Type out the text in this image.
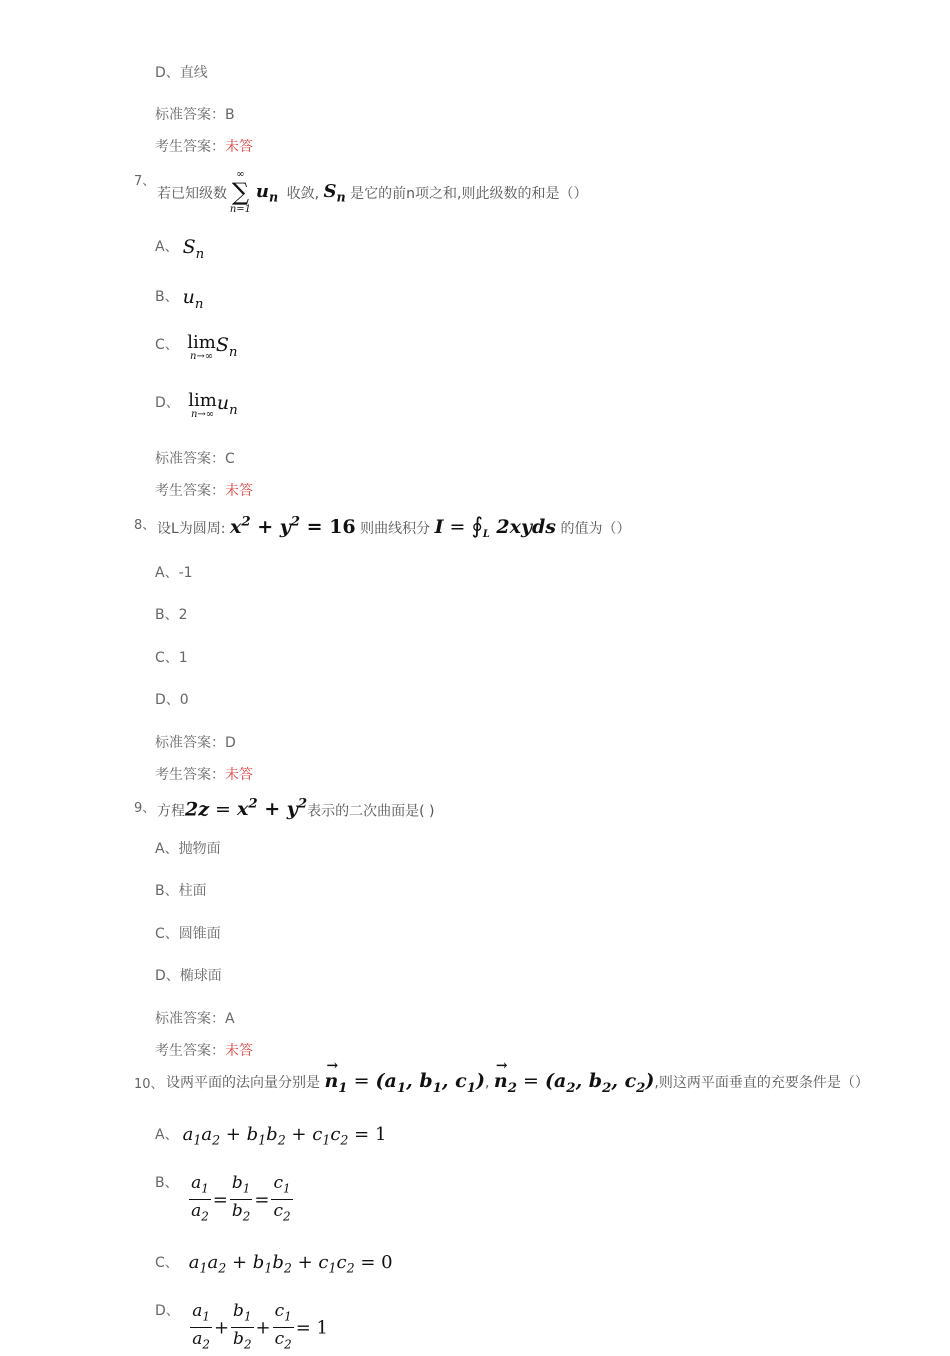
D、直线
标准答案：B
考生答案：未答
7、
若已知级数
∞
∑
n=1
$u_n$ 收敛, $S_n$ 是它的前n项之和,则此级数的和是（）
A、 $S_n$
B、 $u_n$
C、 lim
n→∞
$S_n$
D、 lim
n→∞
$u_n$
标准答案：C
考生答案：未答
8、 设L为圆周: $x^2 + y^2 = 16$ 则曲线积分 $I = ∮_L$ 2xyds 的值为（）
A、-1
B、2
C、1
D、0
标准答案：D
考生答案：未答
9、 方程$2z = x^2 + y^2$表示的二次曲面是( )
A、抛物面
B、柱面
C、圆锥面
D、椭球面
标准答案：A
考生答案：未答
10、 设两平面的法向量分别是 $n_1$
→
= ($a_1$, $b_1$, $c_1$), $n_2$
→
= ($a_2$, $b_2$, $c_2$),则这两平面垂直的充要条件是（）
A、 $a_1a_2 + b_1b_2 + c_1c_2 = 1$
B、 $\frac{a_1}{a_2} = \frac{b_1}{b_2} = \frac{c_1}{c_2}$
C、 $a_1a_2 + b_1b_2 + c_1c_2 = 0$
D、 $\frac{a_1}{a_2} + \frac{b_1}{b_2} + \frac{c_1}{c_2} = 1$
